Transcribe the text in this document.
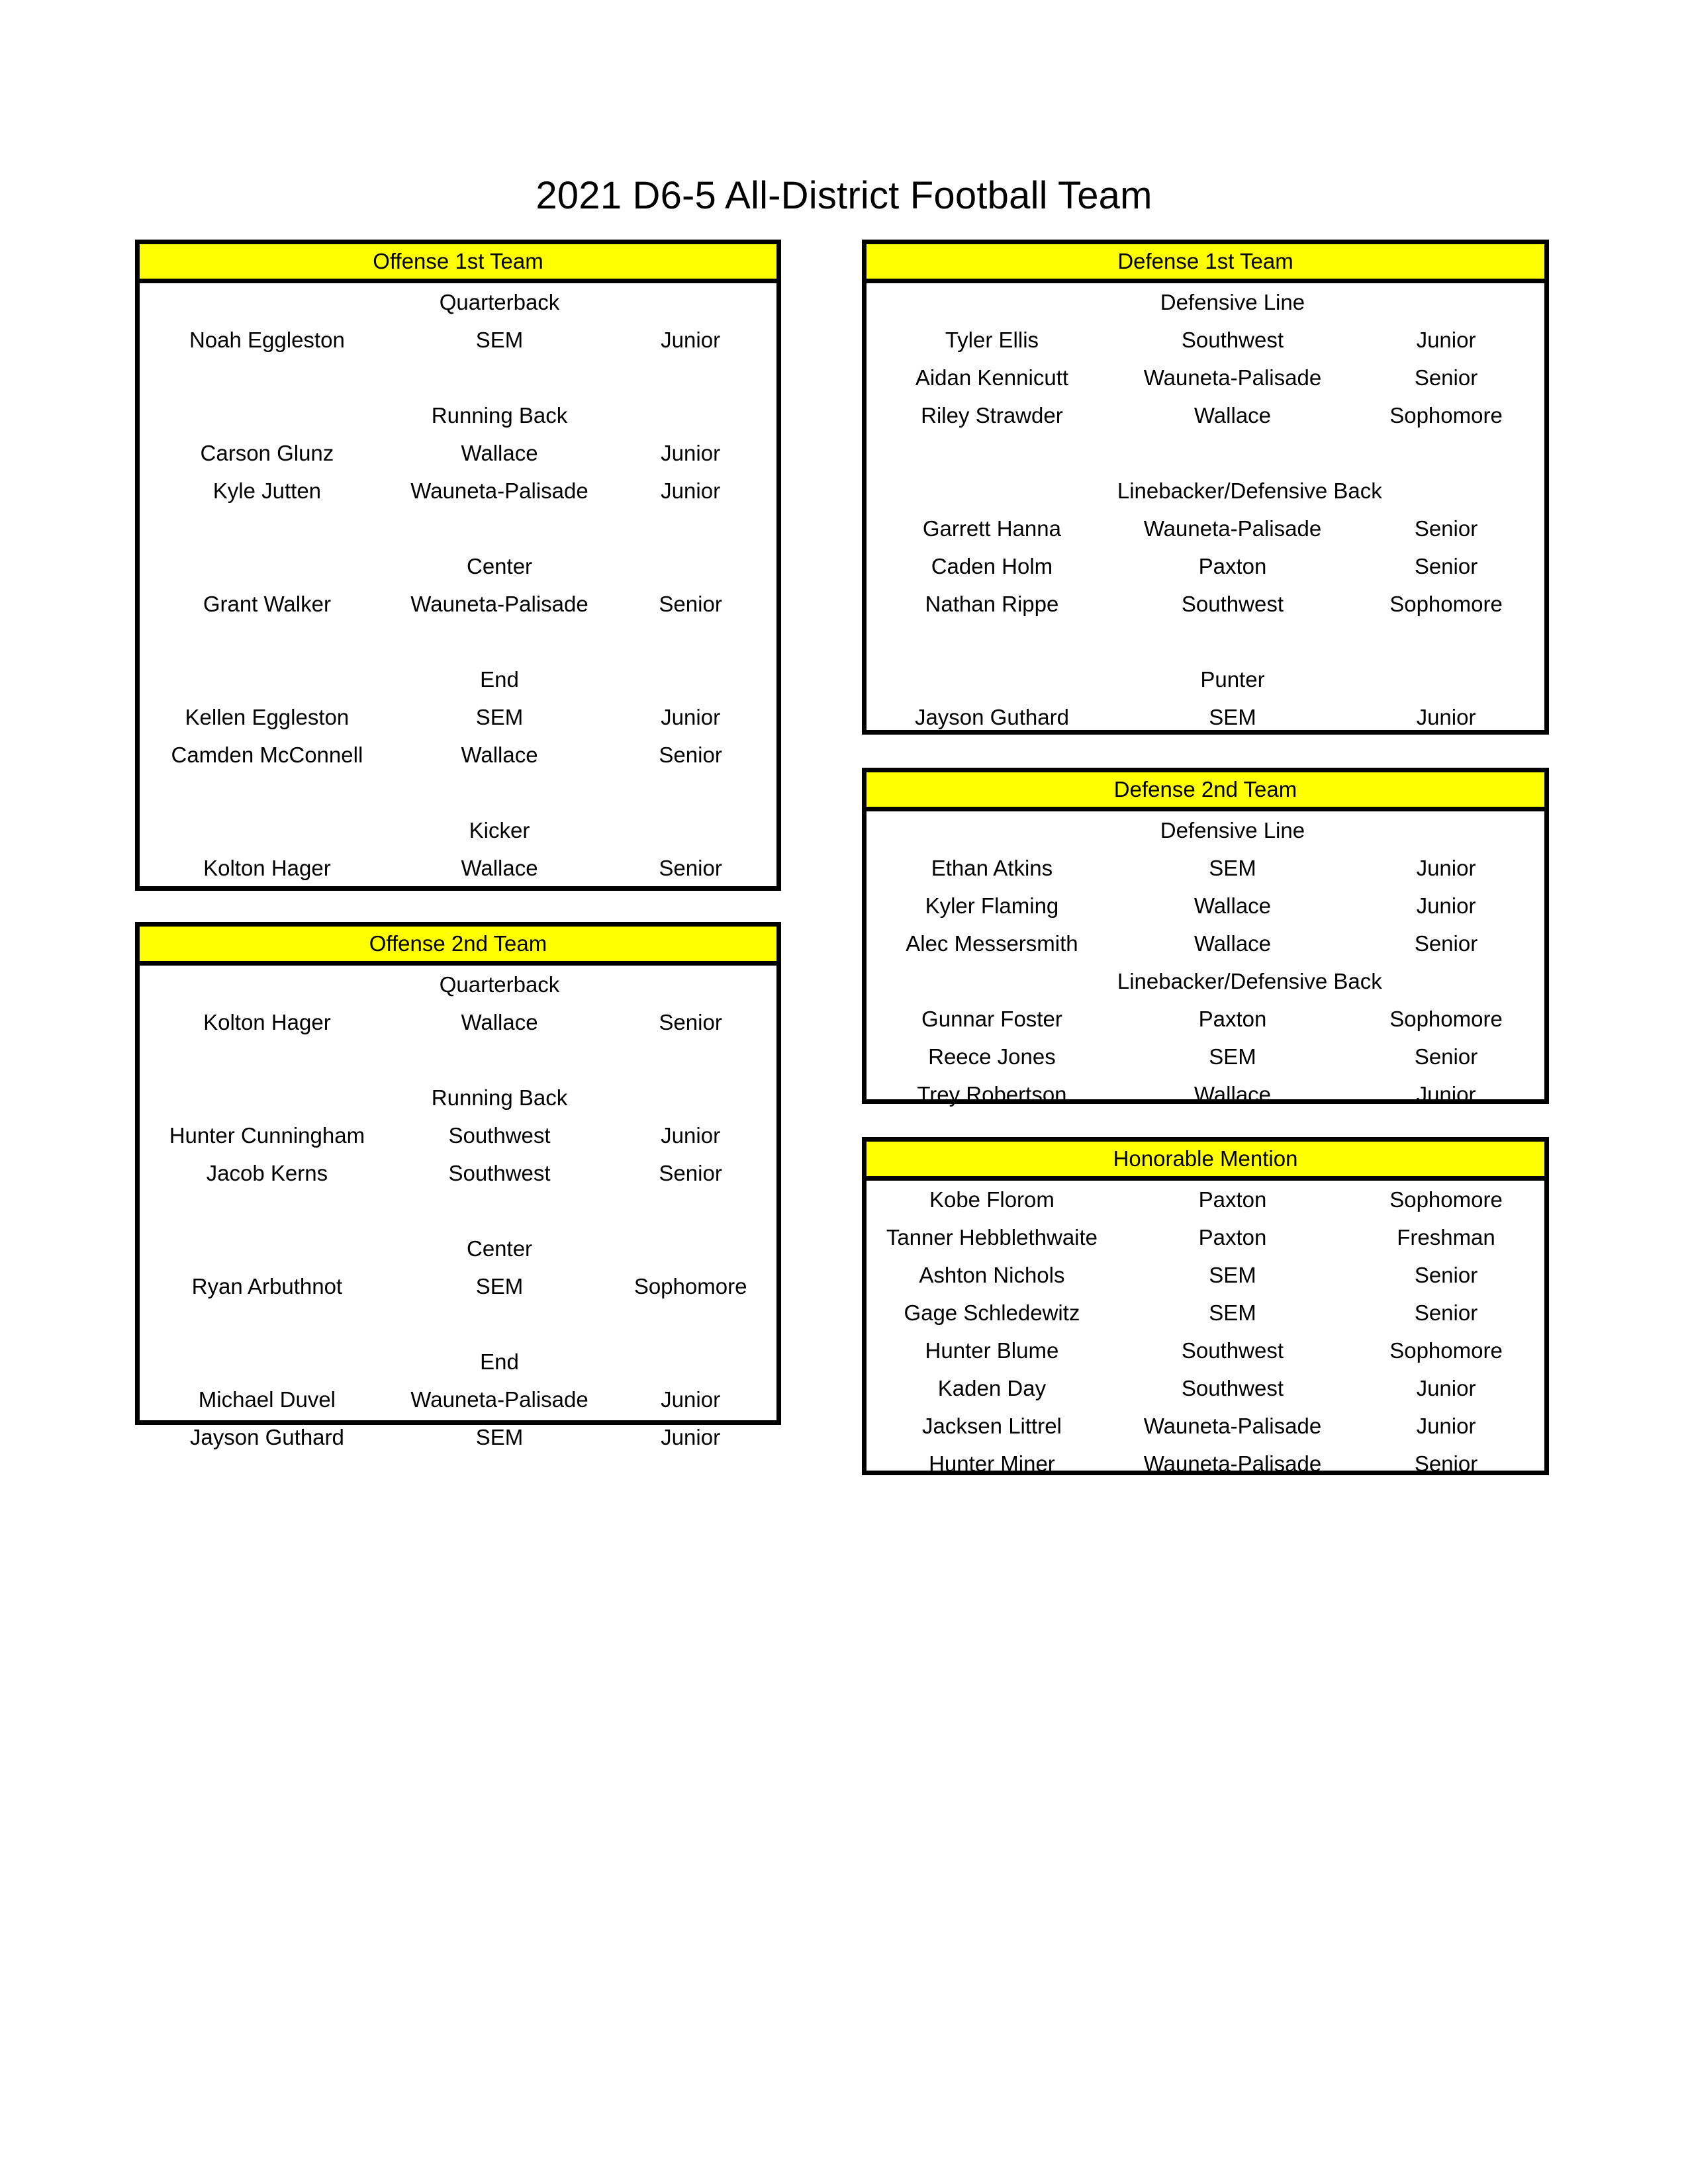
2021 D6-5 All-District Football Team
Offense 1st Team
Quarterback
Noah Eggleston	SEM	Junior
Running Back
Carson Glunz	Wallace	Junior
Kyle Jutten	Wauneta-Palisade	Junior
Center
Grant Walker	Wauneta-Palisade	Senior
End
Kellen Eggleston	SEM	Junior
Camden McConnell	Wallace	Senior
Kicker
Kolton Hager	Wallace	Senior
Offense 2nd Team
Quarterback
Kolton Hager	Wallace	Senior
Running Back
Hunter Cunningham	Southwest	Junior
Jacob Kerns	Southwest	Senior
Center
Ryan Arbuthnot	SEM	Sophomore
End
Michael Duvel	Wauneta-Palisade	Junior
Jayson Guthard	SEM	Junior
Defense 1st Team
Defensive Line
Tyler Ellis	Southwest	Junior
Aidan Kennicutt	Wauneta-Palisade	Senior
Riley Strawder	Wallace	Sophomore
Linebacker/Defensive Back
Garrett Hanna	Wauneta-Palisade	Senior
Caden Holm	Paxton	Senior
Nathan Rippe	Southwest	Sophomore
Punter
Jayson Guthard	SEM	Junior
Defense 2nd Team
Defensive Line
Ethan Atkins	SEM	Junior
Kyler Flaming	Wallace	Junior
Alec Messersmith	Wallace	Senior
Linebacker/Defensive Back
Gunnar Foster	Paxton	Sophomore
Reece Jones	SEM	Senior
Trey Robertson	Wallace	Junior
Honorable Mention
Kobe Florom	Paxton	Sophomore
Tanner Hebblethwaite	Paxton	Freshman
Ashton Nichols	SEM	Senior
Gage Schledewitz	SEM	Senior
Hunter Blume	Southwest	Sophomore
Kaden Day	Southwest	Junior
Jacksen Littrel	Wauneta-Palisade	Junior
Hunter Miner	Wauneta-Palisade	Senior
